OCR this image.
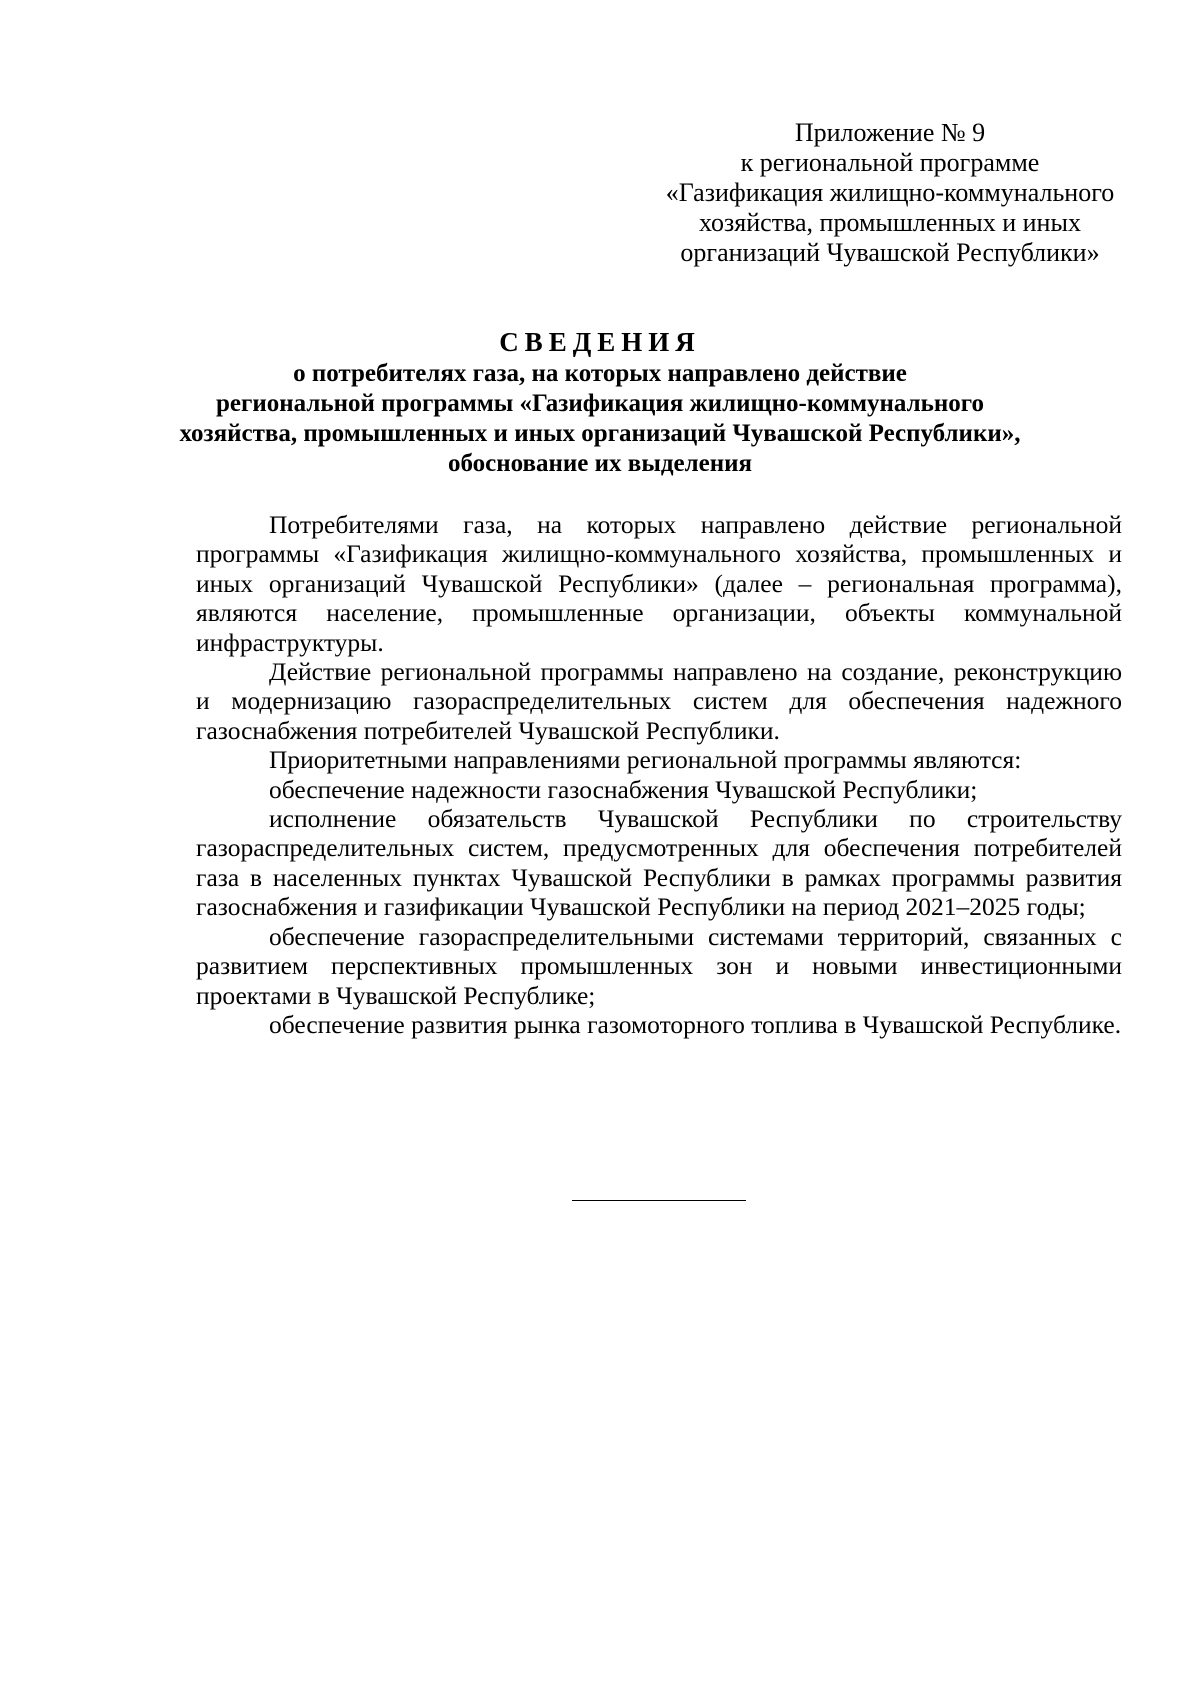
Приложение № 9
к региональной программе
«Газификация жилищно-коммунального
хозяйства, промышленных и иных
организаций Чувашской Республики»
СВЕДЕНИЯ
о потребителях газа, на которых направлено действие
региональной программы «Газификация жилищно-коммунального
хозяйства, промышленных и иных организаций Чувашской Республики»,
обоснование их выделения

Потребителями газа, на которых направлено действие региональной программы «Газификация жилищно-коммунального хозяйства, промышленных и иных организаций Чувашской Республики» (далее – региональная программа), являются население, промышленные организации, объекты коммунальной инфраструктуры.

Действие региональной программы направлено на создание, реконструкцию и модернизацию газораспределительных систем для обеспечения надежного газоснабжения потребителей Чувашской Республики.

Приоритетными направлениями региональной программы являются:

обеспечение надежности газоснабжения Чувашской Республики;

исполнение обязательств Чувашской Республики по строительству газораспределительных систем, предусмотренных для обеспечения потребителей газа в населенных пунктах Чувашской Республики в рамках программы развития газоснабжения и газификации Чувашской Республики на период 2021–2025 годы;

обеспечение газораспределительными системами территорий, связанных с развитием перспективных промышленных зон и новыми инвестиционными проектами в Чувашской Республике;

обеспечение развития рынка газомоторного топлива в Чувашской Республике.
